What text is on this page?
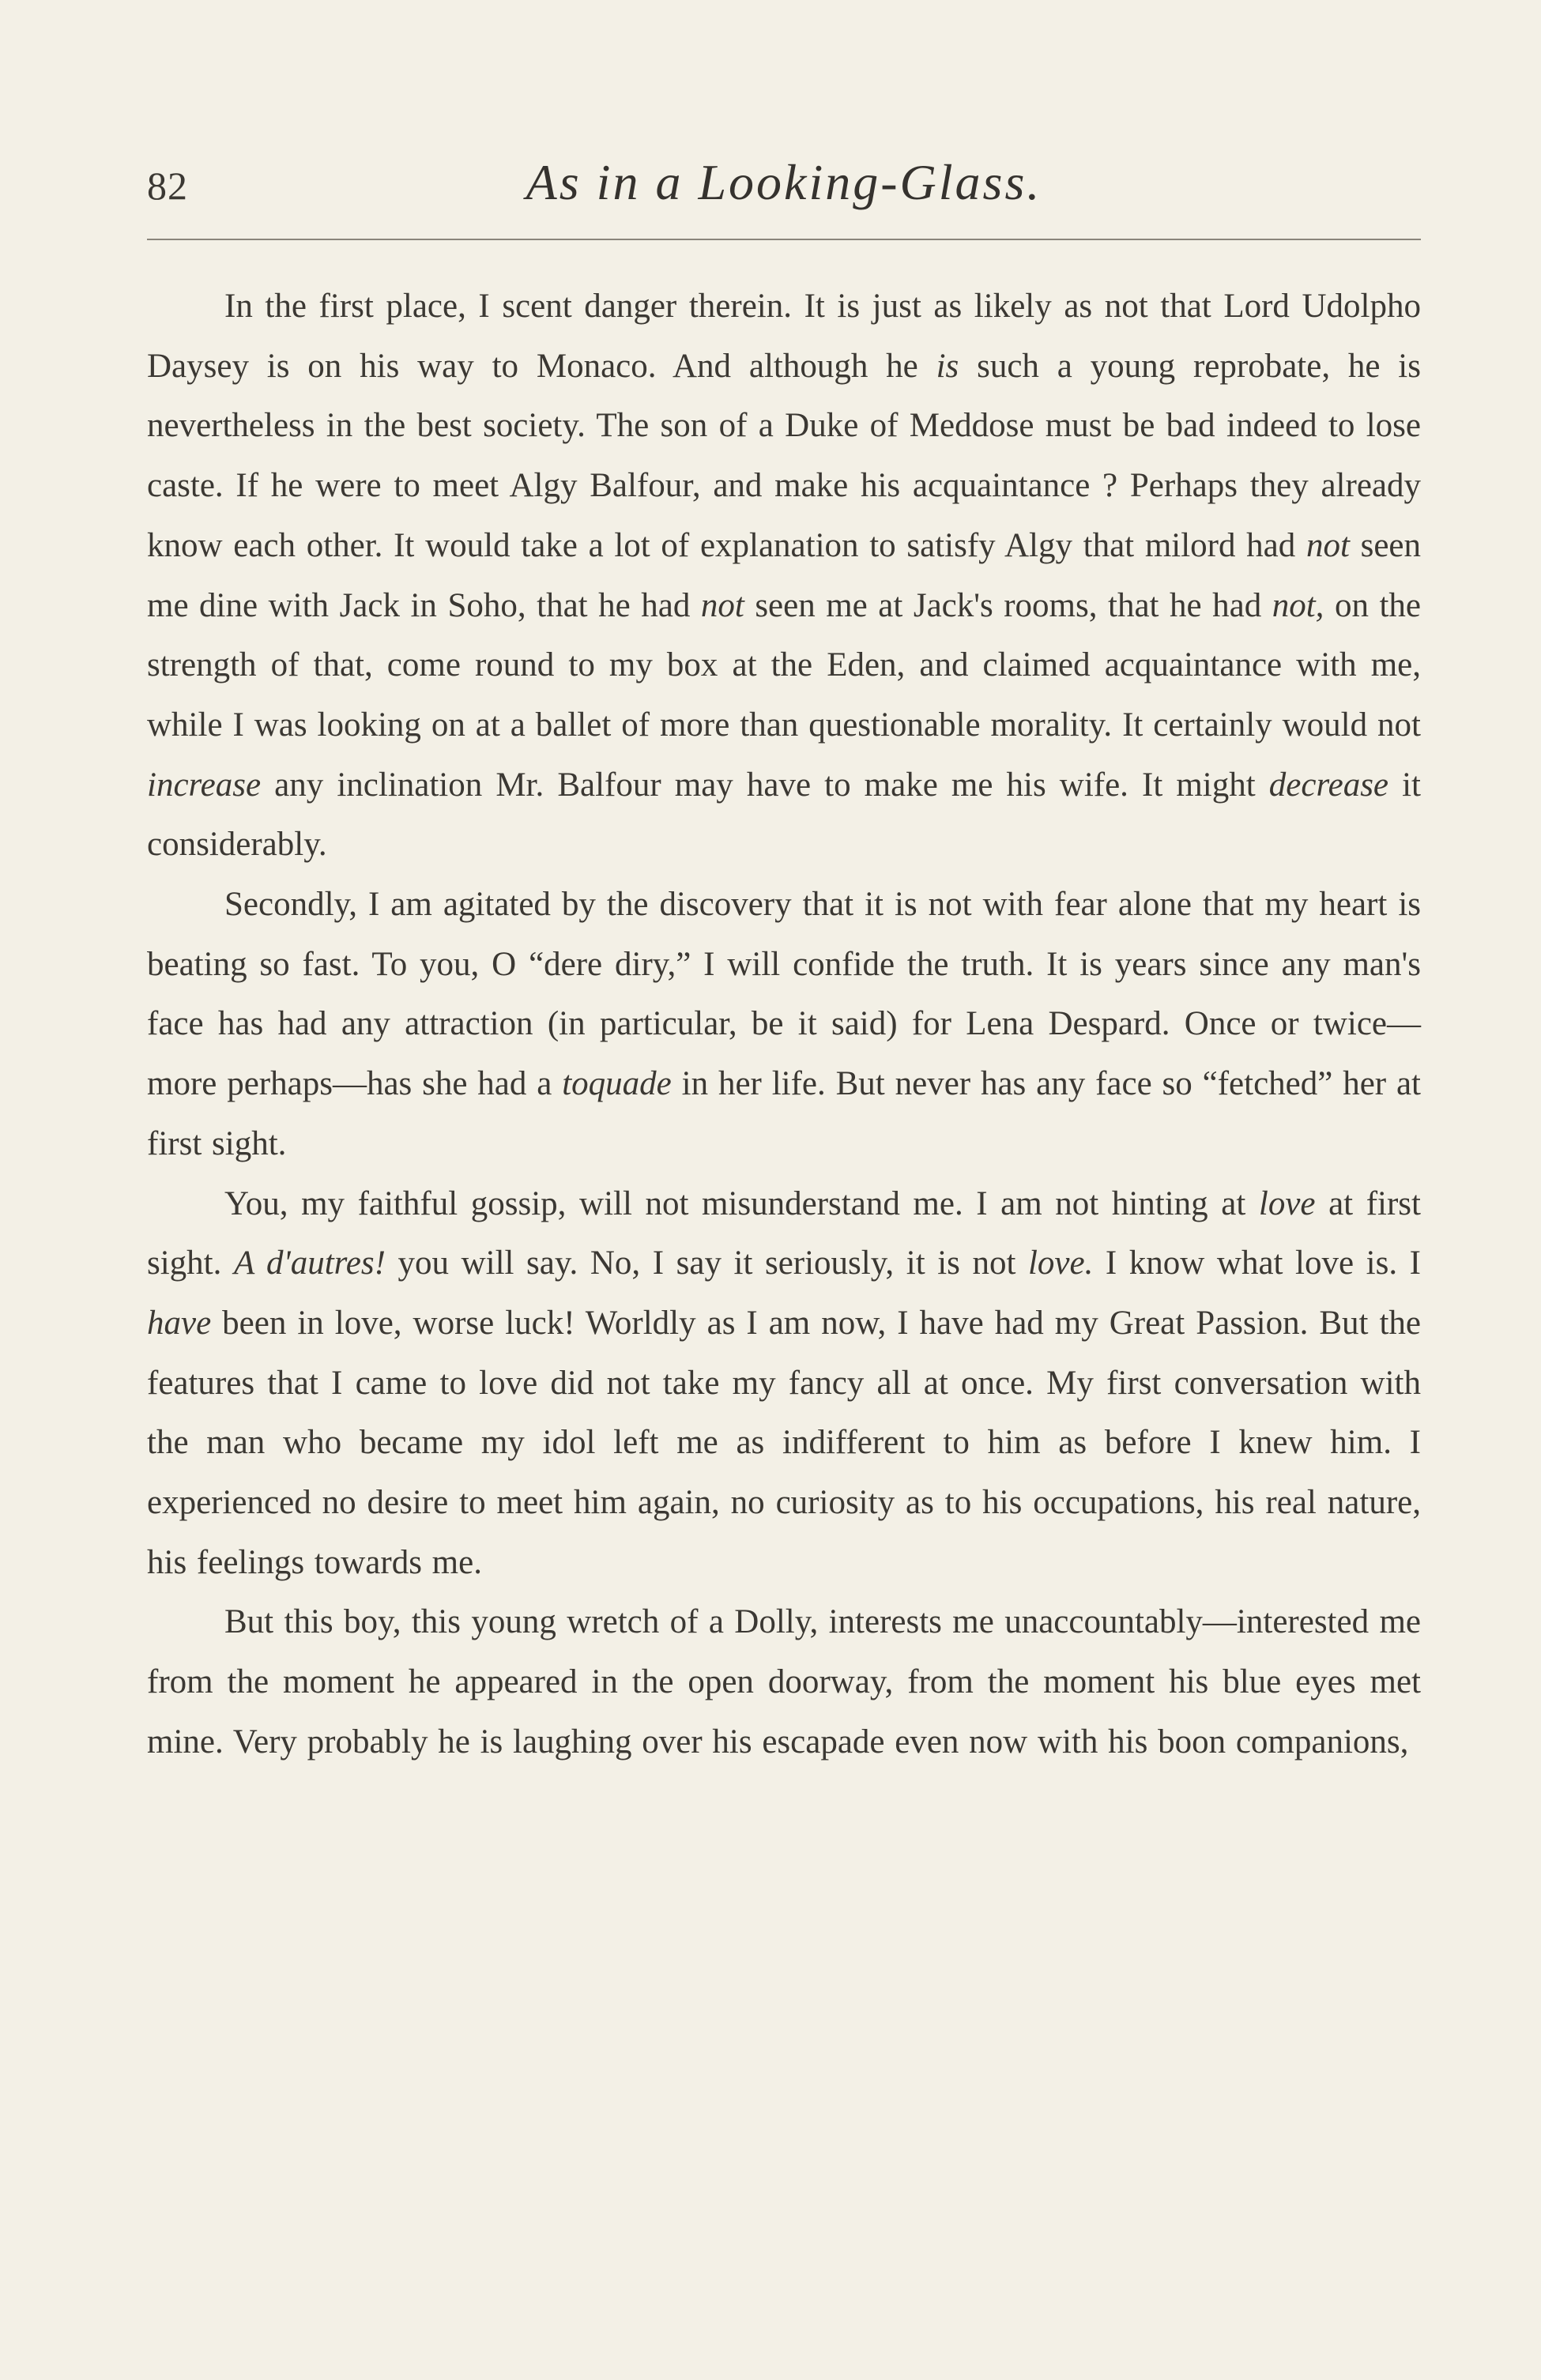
82	As in a Looking-Glass.

In the first place, I scent danger therein. It is just as likely as not that Lord Udolpho Daysey is on his way to Monaco. And although he is such a young reprobate, he is nevertheless in the best society. The son of a Duke of Meddose must be bad indeed to lose caste. If he were to meet Algy Balfour, and make his acquaintance ? Perhaps they already know each other. It would take a lot of explanation to satisfy Algy that milord had not seen me dine with Jack in Soho, that he had not seen me at Jack's rooms, that he had not, on the strength of that, come round to my box at the Eden, and claimed acquaintance with me, while I was looking on at a ballet of more than questionable morality. It certainly would not increase any inclination Mr. Balfour may have to make me his wife. It might decrease it considerably.

Secondly, I am agitated by the discovery that it is not with fear alone that my heart is beating so fast. To you, O “dere diry,” I will confide the truth. It is years since any man's face has had any attraction (in particular, be it said) for Lena Despard. Once or twice—more perhaps—has she had a toquade in her life. But never has any face so “fetched” her at first sight.

You, my faithful gossip, will not misunderstand me. I am not hinting at love at first sight. A d'autres! you will say. No, I say it seriously, it is not love. I know what love is. I have been in love, worse luck! Worldly as I am now, I have had my Great Passion. But the features that I came to love did not take my fancy all at once. My first conversation with the man who became my idol left me as indifferent to him as before I knew him. I experienced no desire to meet him again, no curiosity as to his occupations, his real nature, his feelings towards me.

But this boy, this young wretch of a Dolly, interests me unaccountably—interested me from the moment he appeared in the open doorway, from the moment his blue eyes met mine. Very probably he is laughing over his escapade even now with his boon companions,
